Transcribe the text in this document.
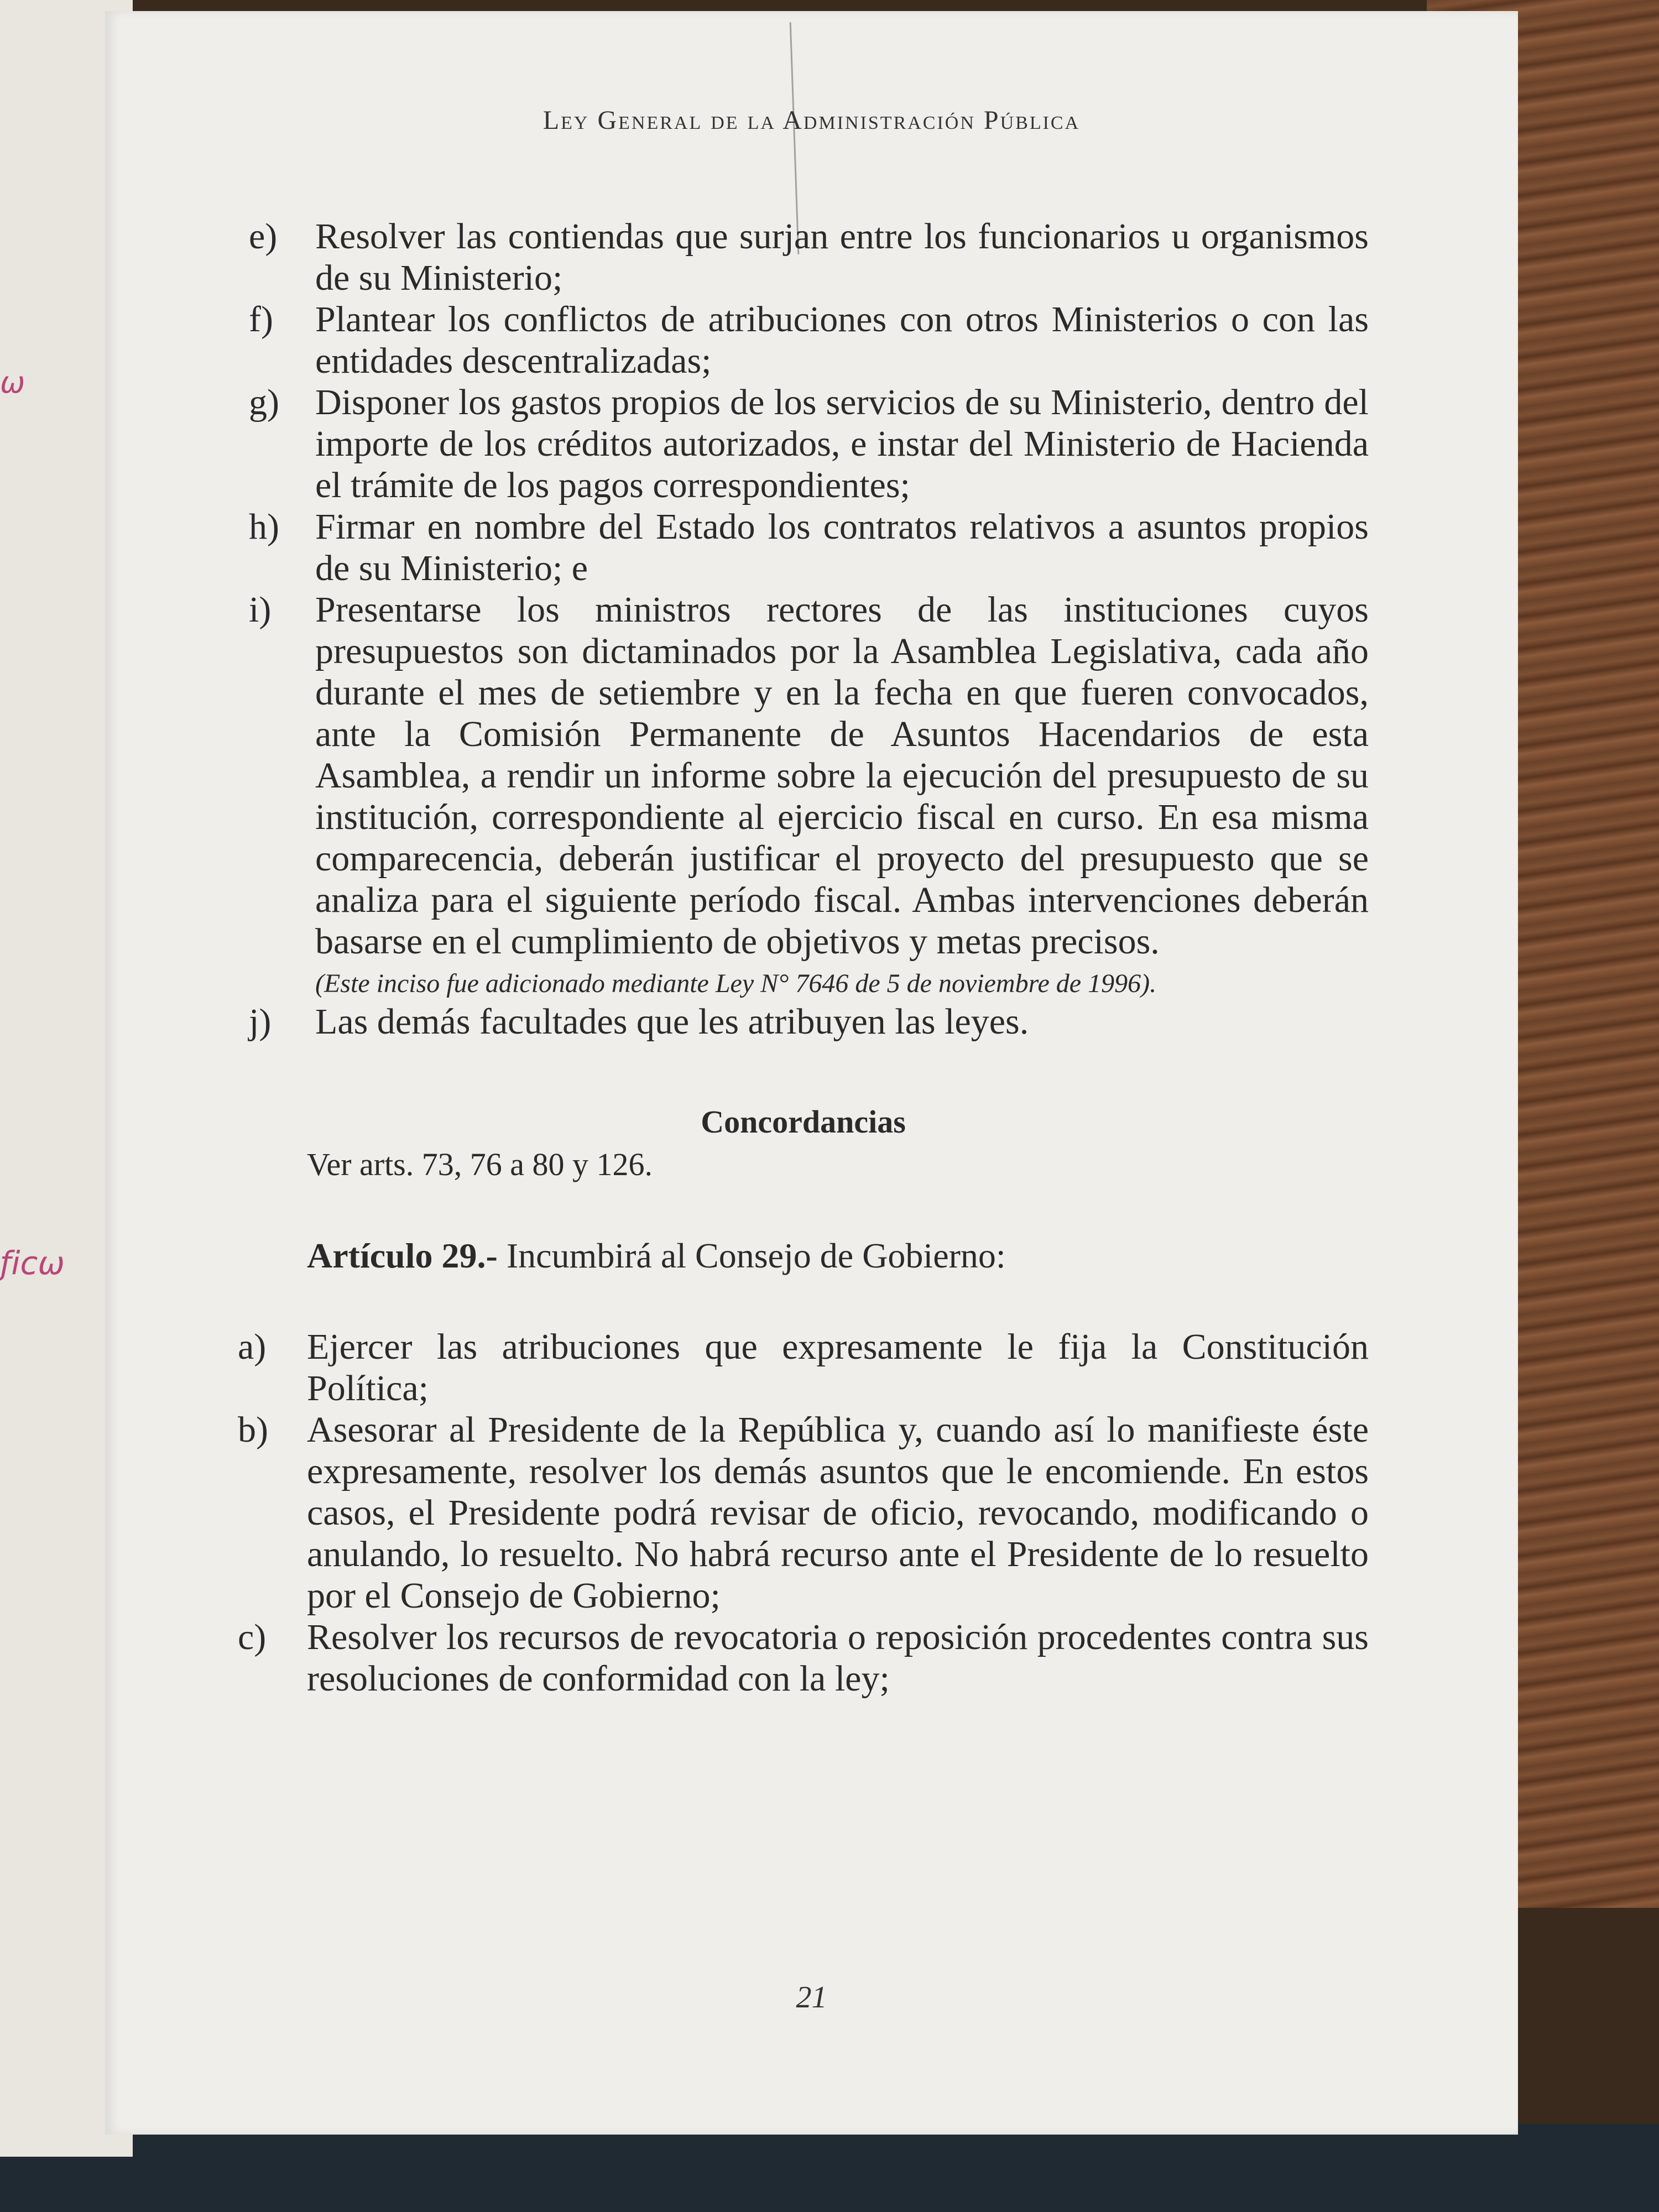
ω
ƒicω
Ley General de la Administración Pública
e)	Resolver las contiendas que surjan entre los funcionarios u organismos de su Ministerio;
f)	Plantear los conflictos de atribuciones con otros Ministerios o con las entidades descentralizadas;
g) Disponer los gastos propios de los servicios de su Ministerio, dentro del importe de los créditos autorizados, e instar del Ministerio de Hacienda el trámite de los pagos correspondientes;
h) Firmar en nombre del Estado los contratos relativos a asuntos propios de su Ministerio; e
i)	Presentarse los ministros rectores de las instituciones cuyos presupuestos son dictaminados por la Asamblea Legislativa, cada año durante el mes de setiembre y en la fecha en que fueren convocados, ante la Comisión Permanente de Asuntos Hacendarios de esta Asamblea, a rendir un informe sobre la ejecución del presupuesto de su institución, correspondiente al ejercicio fiscal en curso. En esa misma comparecencia, deberán justificar el proyecto del presupuesto que se analiza para el siguiente período fiscal. Ambas intervenciones deberán basarse en el cumplimiento de objetivos y metas precisos.
(Este inciso fue adicionado mediante Ley N° 7646 de 5 de noviembre de 1996).
j)	Las demás facultades que les atribuyen las leyes.
Concordancias
Ver arts. 73, 76 a 80 y 126.
Artículo 29.- Incumbirá al Consejo de Gobierno:
a)	Ejercer las atribuciones que expresamente le fija la Constitución Política;
b)	Asesorar al Presidente de la República y, cuando así lo manifieste éste expresamente, resolver los demás asuntos que le encomiende. En estos casos, el Presidente podrá revisar de oficio, revocando, modificando o anulando, lo resuelto. No habrá recurso ante el Presidente de lo resuelto por el Consejo de Gobierno;
c)	Resolver los recursos de revocatoria o reposición procedentes contra sus resoluciones de conformidad con la ley;
21
